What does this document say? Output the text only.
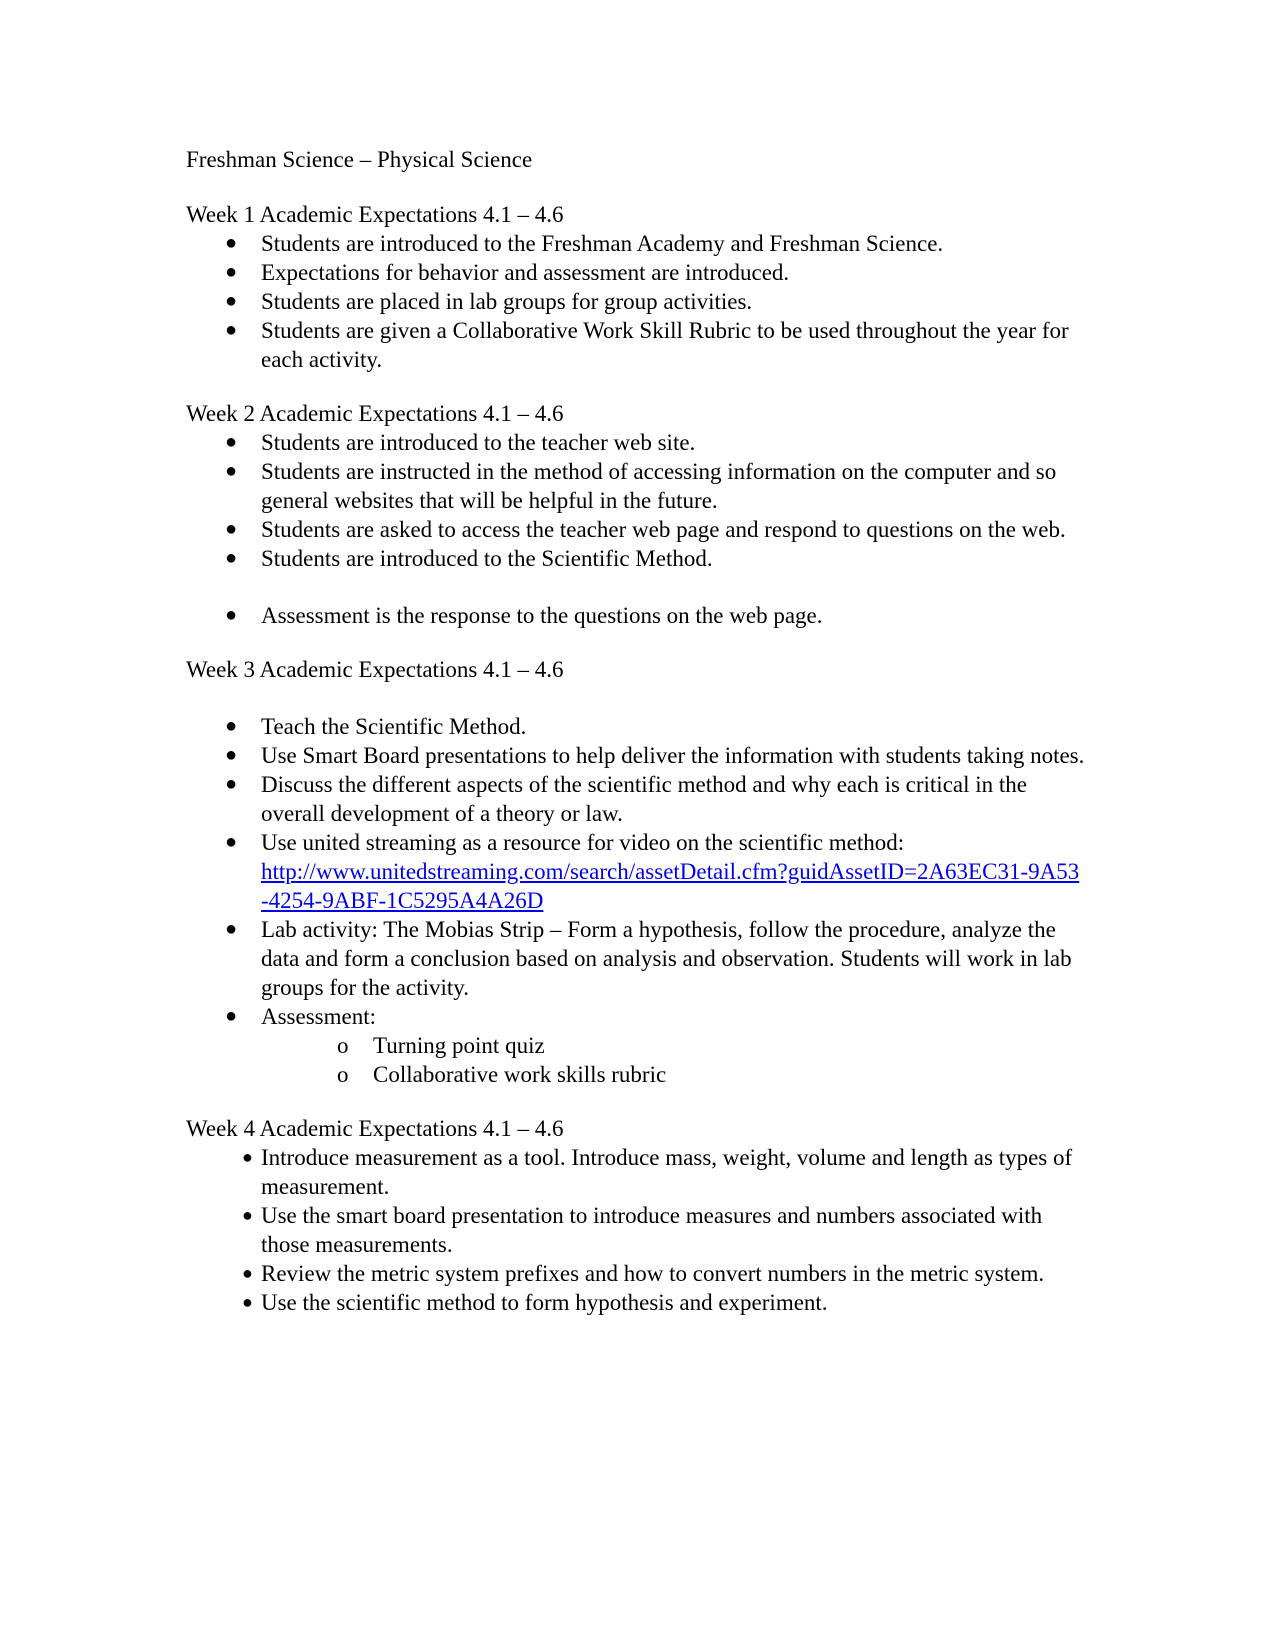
Freshman Science – Physical Science

Week 1 Academic Expectations 4.1 – 4.6

● Students are introduced to the Freshman Academy and Freshman Science.
● Expectations for behavior and assessment are introduced.
● Students are placed in lab groups for group activities.
● Students are given a Collaborative Work Skill Rubric to be used throughout the year for each activity.

Week 2 Academic Expectations 4.1 – 4.6

● Students are introduced to the teacher web site.
● Students are instructed in the method of accessing information on the computer and so general websites that will be helpful in the future.
● Students are asked to access the teacher web page and respond to questions on the web.
● Students are introduced to the Scientific Method.
● Assessment is the response to the questions on the web page.

Week 3 Academic Expectations 4.1 – 4.6

● Teach the Scientific Method.
● Use Smart Board presentations to help deliver the information with students taking notes.
● Discuss the different aspects of the scientific method and why each is critical in the overall development of a theory or law.
● Use united streaming as a resource for video on the scientific method:
http://www.unitedstreaming.com/search/assetDetail.cfm?guidAssetID=2A63EC31-9A53-4254-9ABF-1C5295A4A26D
● Lab activity: The Mobias Strip – Form a hypothesis, follow the procedure, analyze the data and form a conclusion based on analysis and observation. Students will work in lab groups for the activity.
● Assessment:
o Turning point quiz
o Collaborative work skills rubric

Week 4 Academic Expectations 4.1 – 4.6

● Introduce measurement as a tool. Introduce mass, weight, volume and length as types of measurement.
● Use the smart board presentation to introduce measures and numbers associated with those measurements.
● Review the metric system prefixes and how to convert numbers in the metric system.
● Use the scientific method to form hypothesis and experiment.
